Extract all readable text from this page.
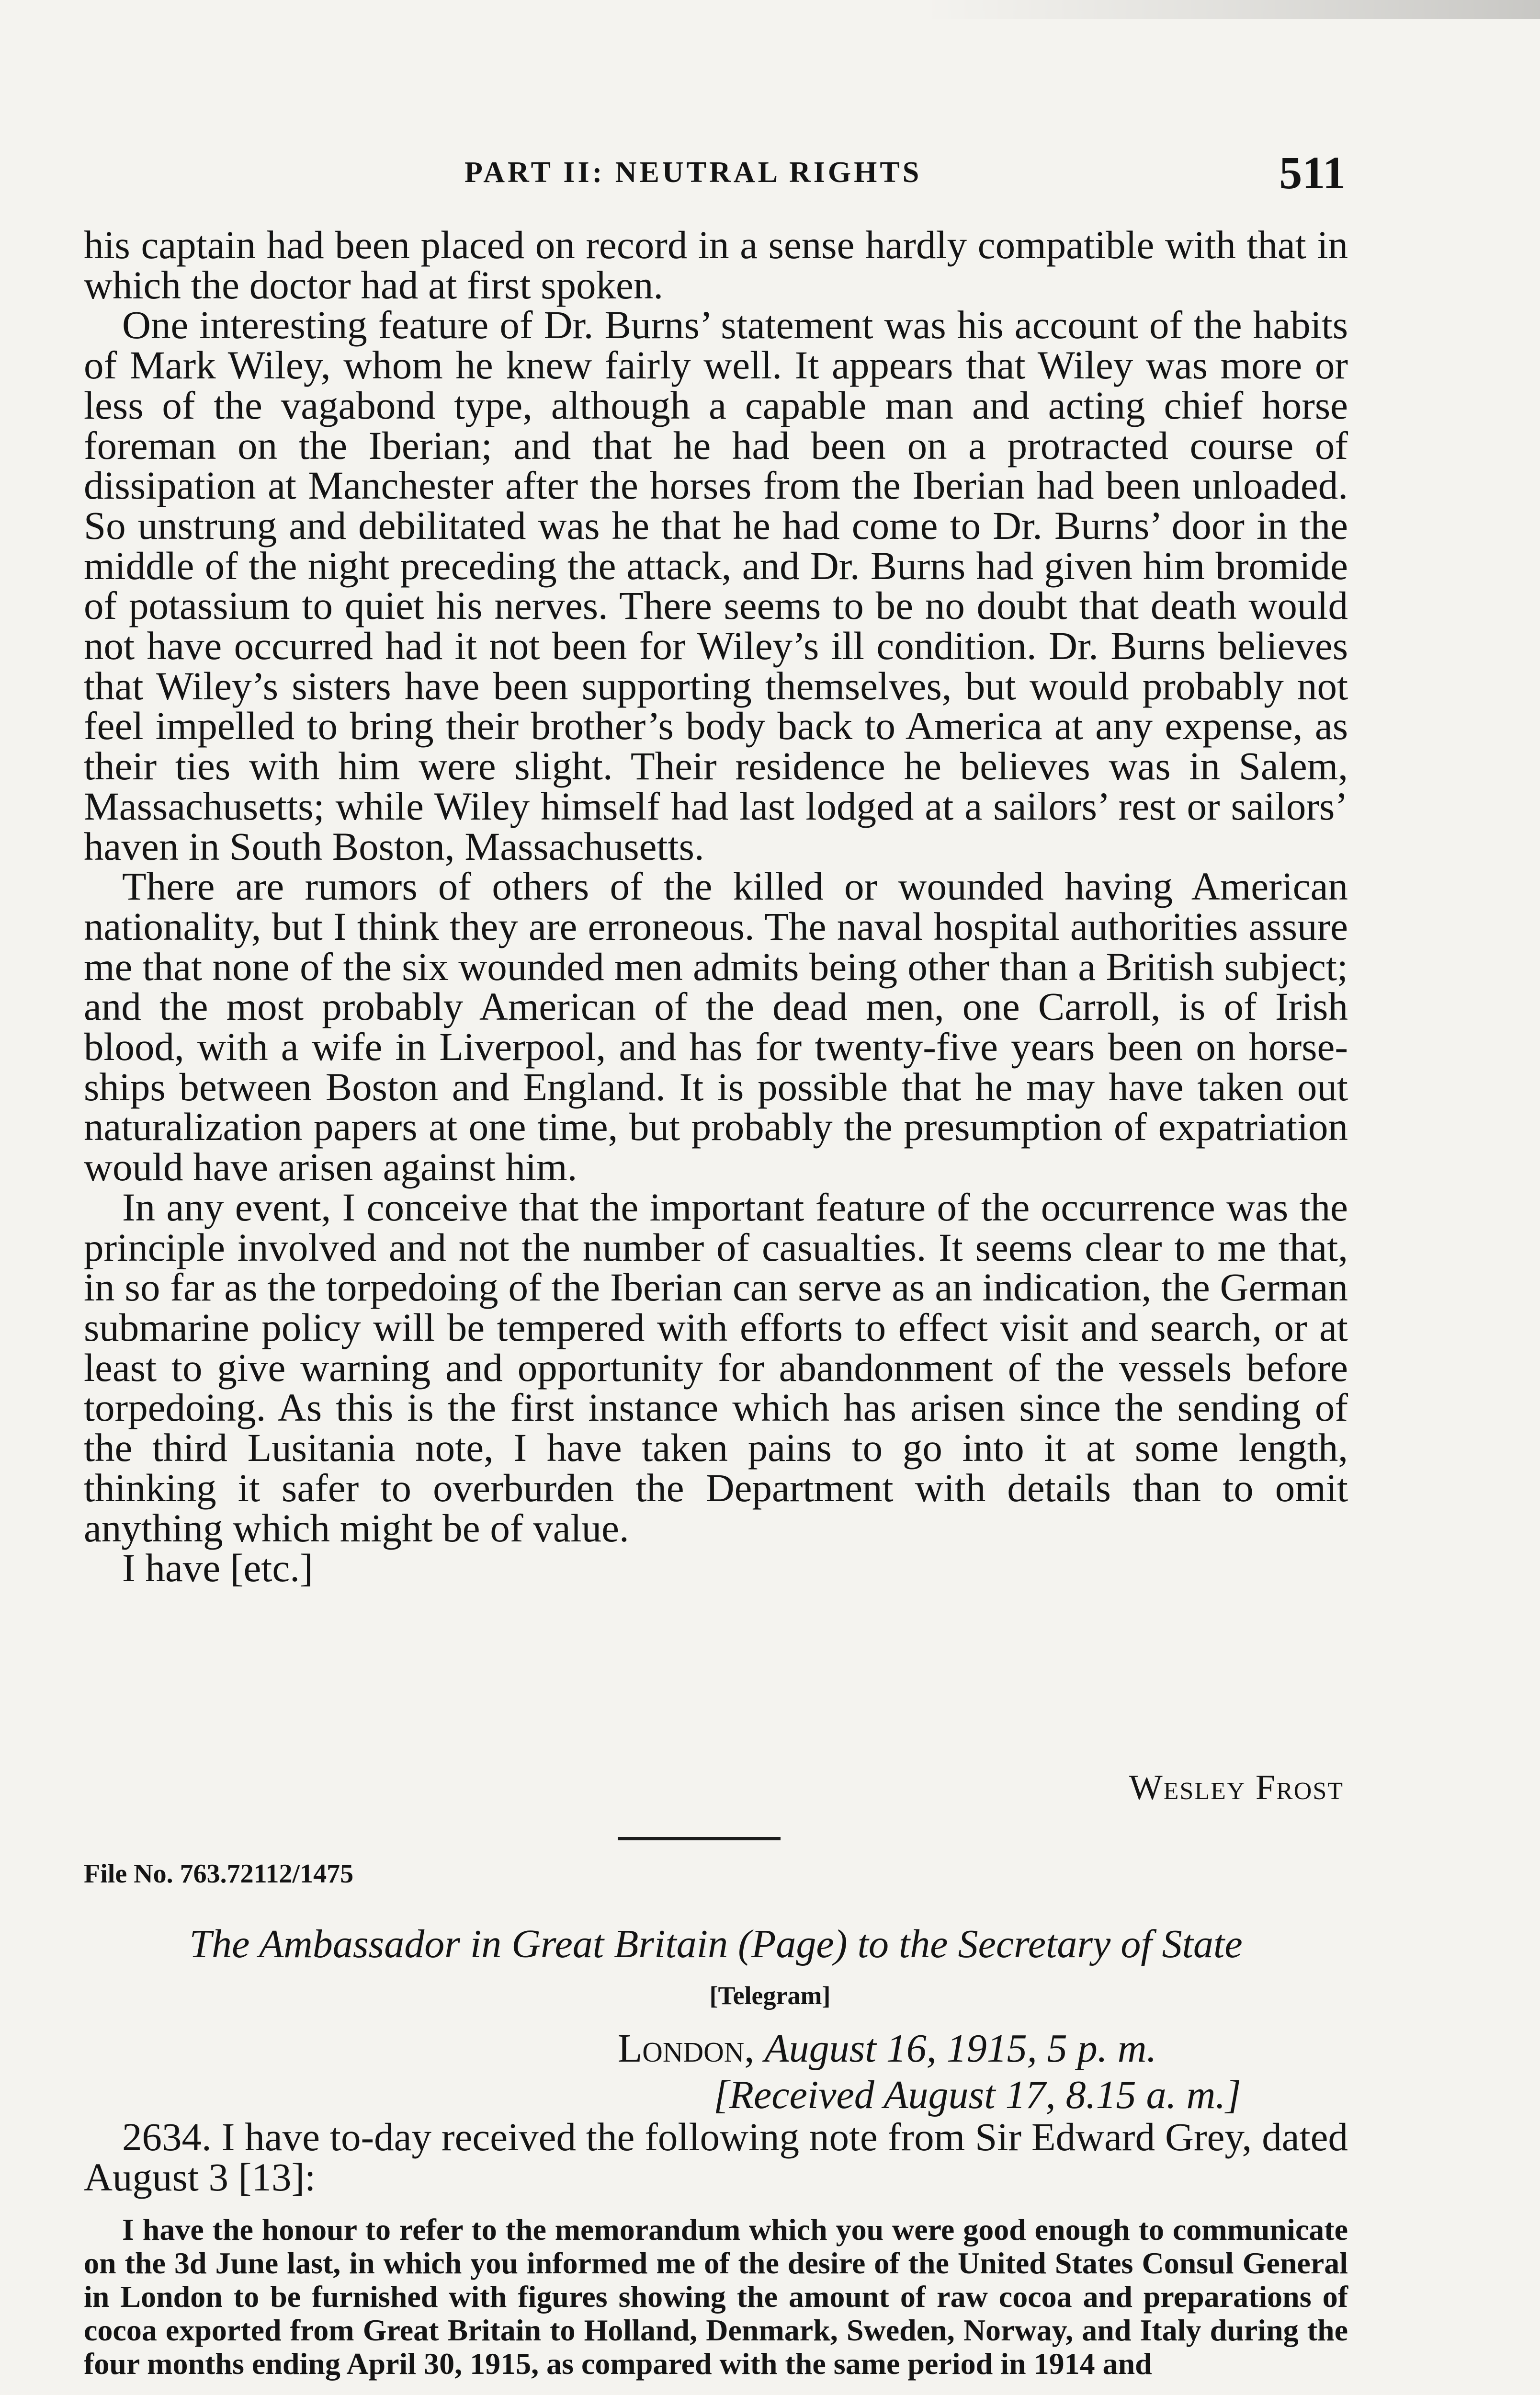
PART II: NEUTRAL RIGHTS	511

his captain had been placed on record in a sense hardly compatible with that in which the doctor had at first spoken.

One interesting feature of Dr. Burns’ statement was his account of the habits of Mark Wiley, whom he knew fairly well. It appears that Wiley was more or less of the vagabond type, although a capable man and acting chief horse foreman on the Iberian; and that he had been on a protracted course of dissipation at Manchester after the horses from the Iberian had been unloaded. So unstrung and debilitated was he that he had come to Dr. Burns’ door in the middle of the night preceding the attack, and Dr. Burns had given him bromide of potassium to quiet his nerves. There seems to be no doubt that death would not have occurred had it not been for Wiley’s ill condition. Dr. Burns believes that Wiley’s sisters have been supporting themselves, but would probably not feel impelled to bring their brother’s body back to America at any expense, as their ties with him were slight. Their residence he believes was in Salem, Massachusetts; while Wiley himself had last lodged at a sailors’ rest or sailors’ haven in South Boston, Massachusetts.

There are rumors of others of the killed or wounded having American nationality, but I think they are erroneous. The naval hospital authorities assure me that none of the six wounded men admits being other than a British subject; and the most probably American of the dead men, one Carroll, is of Irish blood, with a wife in Liverpool, and has for twenty-five years been on horse-ships between Boston and England. It is possible that he may have taken out naturalization papers at one time, but probably the presumption of expatriation would have arisen against him.

In any event, I conceive that the important feature of the occurrence was the principle involved and not the number of casualties. It seems clear to me that, in so far as the torpedoing of the Iberian can serve as an indication, the German submarine policy will be tempered with efforts to effect visit and search, or at least to give warning and opportunity for abandonment of the vessels before torpedoing. As this is the first instance which has arisen since the sending of the third Lusitania note, I have taken pains to go into it at some length, thinking it safer to overburden the Department with details than to omit anything which might be of value.

I have [etc.]

Wesley Frost
File No. 763.72112/1475
The Ambassador in Great Britain (Page) to the Secretary of State
[Telegram]
London, August 16, 1915, 5 p. m.
[Received August 17, 8.15 a. m.]
2634. I have to-day received the following note from Sir Edward Grey, dated August 3 [13]:
I have the honour to refer to the memorandum which you were good enough to communicate on the 3d June last, in which you informed me of the desire of the United States Consul General in London to be furnished with figures showing the amount of raw cocoa and preparations of cocoa exported from Great Britain to Holland, Denmark, Sweden, Norway, and Italy during the four months ending April 30, 1915, as compared with the same period in 1914 and
